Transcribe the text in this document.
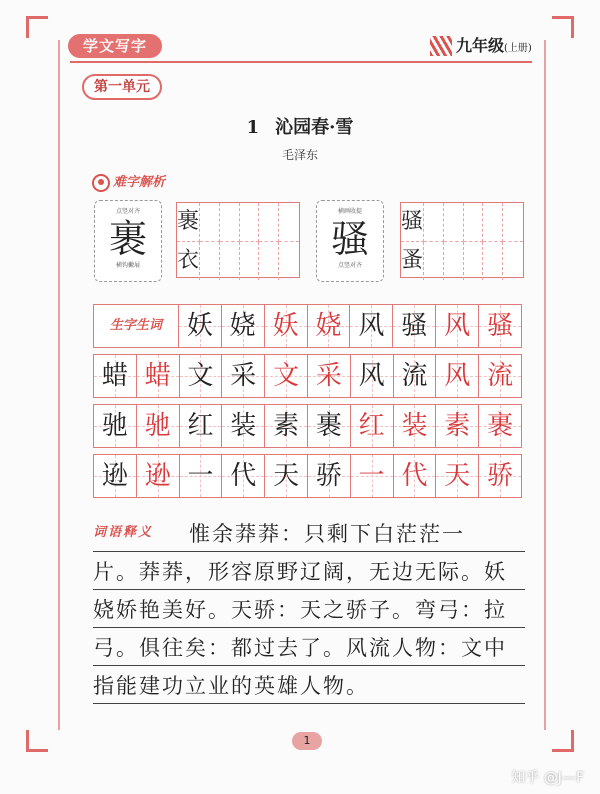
学文写字	九年级(上册)
第一单元
1 沁园春·雪
毛泽东
难字解析
点竖对齐
裹
横钩撇展
裹
衣
横画收提
骚
点竖对齐
骚
蚤
生字生词 妖 娆 妖 娆 风 骚 风 骚
蜡 蜡 文 采 文 采 风 流 风 流
驰 驰 红 装 素 裹 红 装 素 裹
逊 逊 一 代 天 骄 一 代 天 骄
词语释义	惟余莽莽：只剩下白茫茫一
片。莽莽，形容原野辽阔，无边无际。妖
娆娇艳美好。天骄：天之骄子。弯弓：拉
弓。俱往矣：都过去了。风流人物：文中
指能建功立业的英雄人物。
1
知乎 @J—F
